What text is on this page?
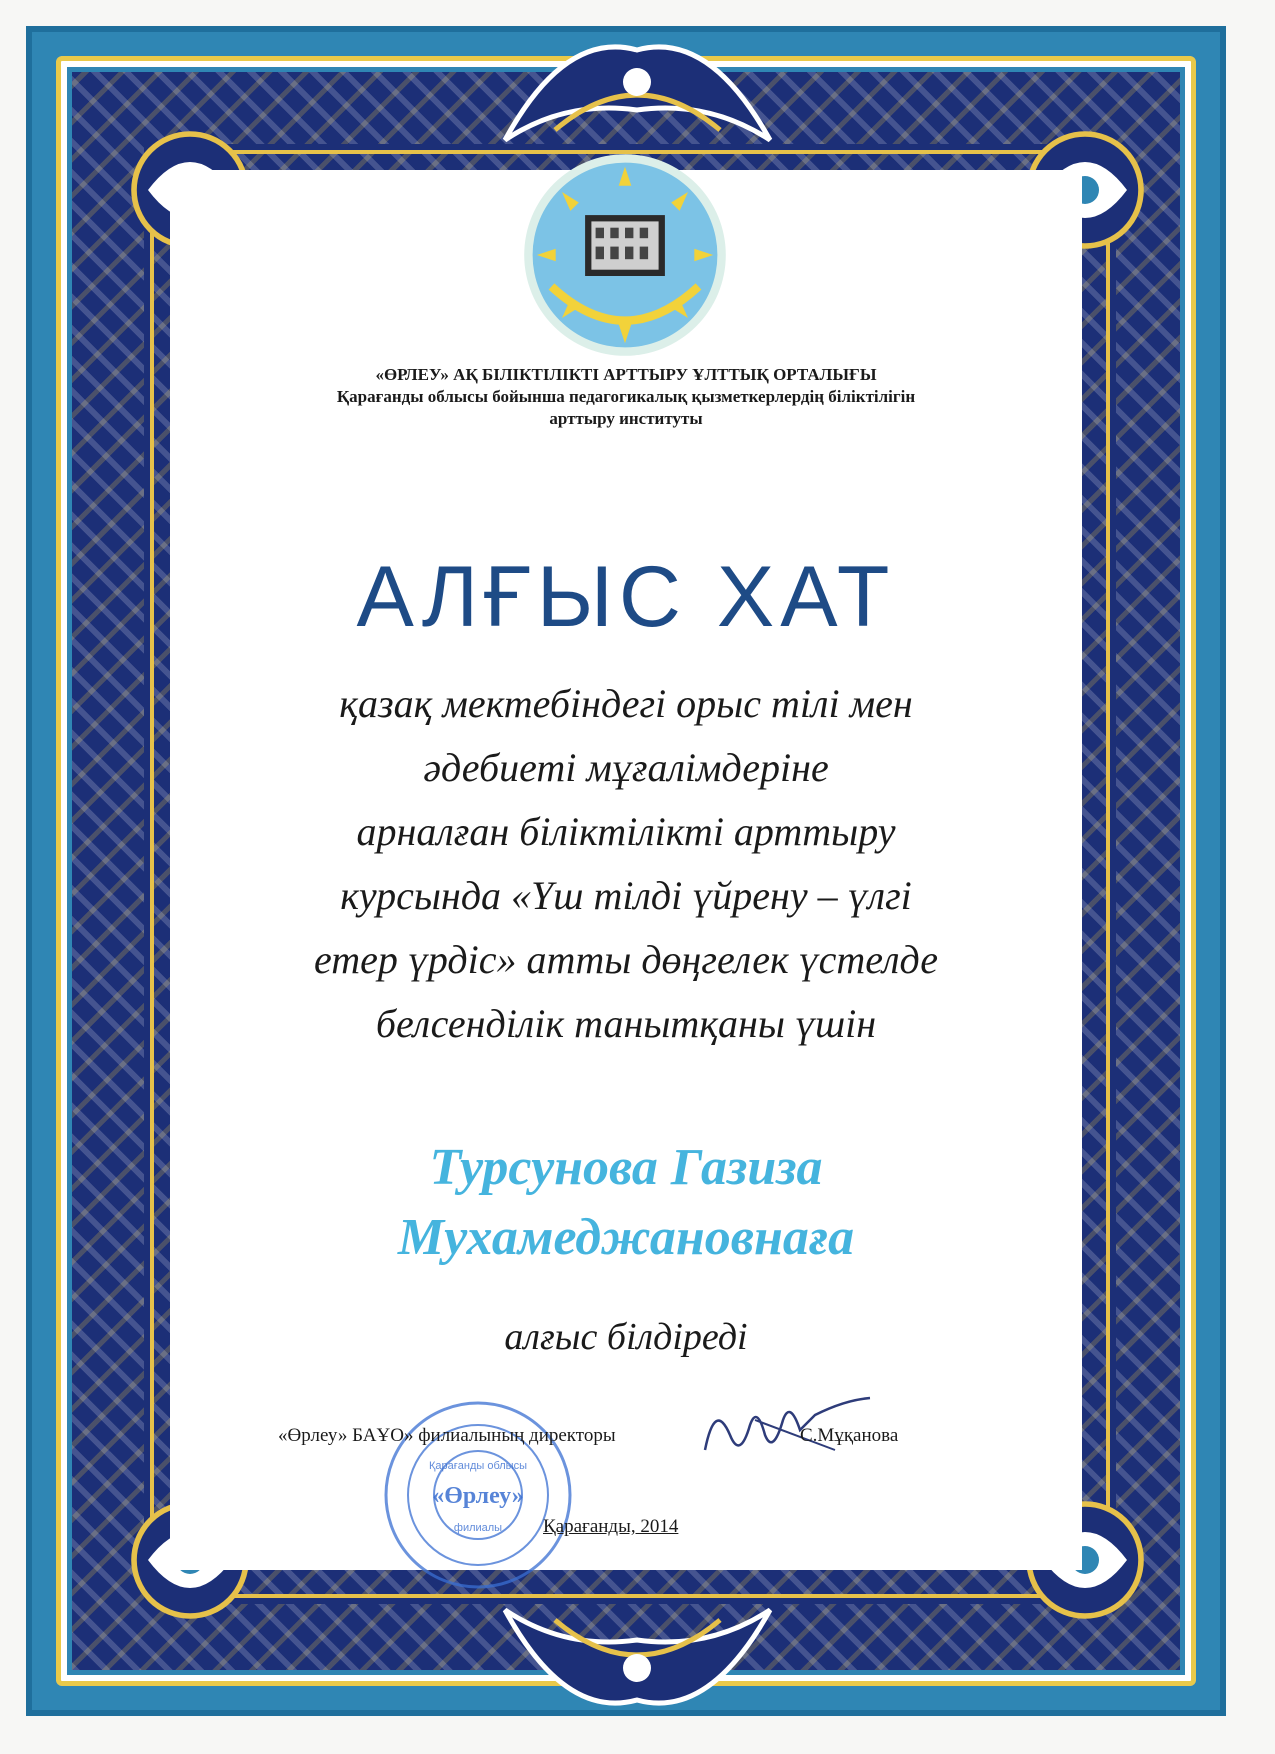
«ӨРЛЕУ» АҚ БІЛІКТІЛІКТІ АРТТЫРУ ҰЛТТЫҚ ОРТАЛЫҒЫ
Қарағанды облысы бойынша педагогикалық қызметкерлердің біліктілігін
арттыру институты
АЛҒЫС ХАТ
қазақ мектебіндегі орыс тілі мен
әдебиеті мұғалімдеріне
арналған біліктілікті арттыру
курсында «Үш тілді үйрену – үлгі
етер үрдіс» атты дөңгелек үстелде
белсенділік танытқаны үшін
Турсунова Газиза
Мухамеджановнаға
алғыс білдіреді
Қарағанды облысы
«Өрлеу»
филиалы
«Өрлеу» БАҰО» филиалының директоры	С.Мұқанова
Қарағанды, 2014
